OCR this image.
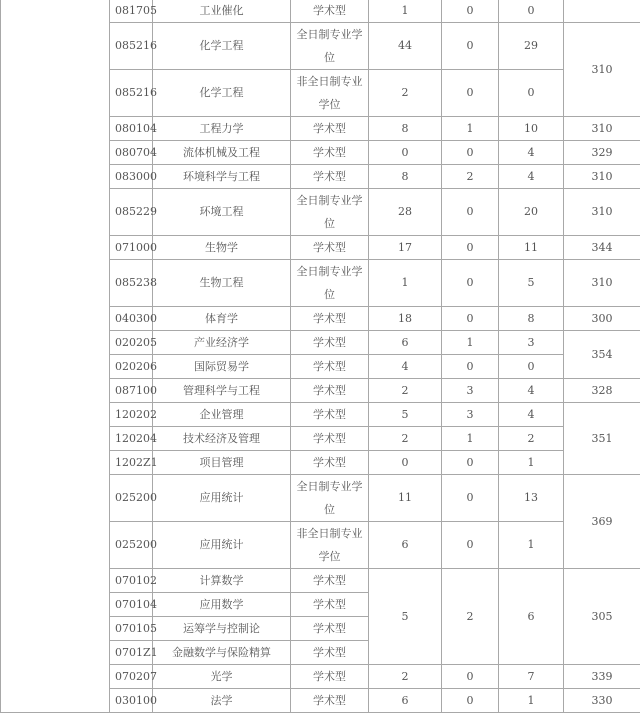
	081705	工业催化	学术型	1	0	0	
	085216	化学工程	全日制专业学位	44	0	29	310
	085216	化学工程	非全日制专业学位	2	0	0	
	080104	工程力学	学术型	8	1	10	310
	080704	流体机械及工程	学术型	0	0	4	329
	083000	环境科学与工程	学术型	8	2	4	310
	085229	环境工程	全日制专业学位	28	0	20	310
	071000	生物学	学术型	17	0	11	344
	085238	生物工程	全日制专业学位	1	0	5	310
	040300	体育学	学术型	18	0	8	300
	020205	产业经济学	学术型	6	1	3	354
	020206	国际贸易学	学术型	4	0	0	
	087100	管理科学与工程	学术型	2	3	4	328
	120202	企业管理	学术型	5	3	4	351
	120204	技术经济及管理	学术型	2	1	2	
	1202Z1	项目管理	学术型	0	0	1	
	025200	应用统计	全日制专业学位	11	0	13	369
	025200	应用统计	非全日制专业学位	6	0	1	
	070102	计算数学	学术型	5	2	6	305
	070104	应用数学	学术型				
	070105	运筹学与控制论	学术型				
	0701Z1	金融数学与保险精算	学术型				
	070207	光学	学术型	2	0	7	339
	030100	法学	学术型	6	0	1	330
